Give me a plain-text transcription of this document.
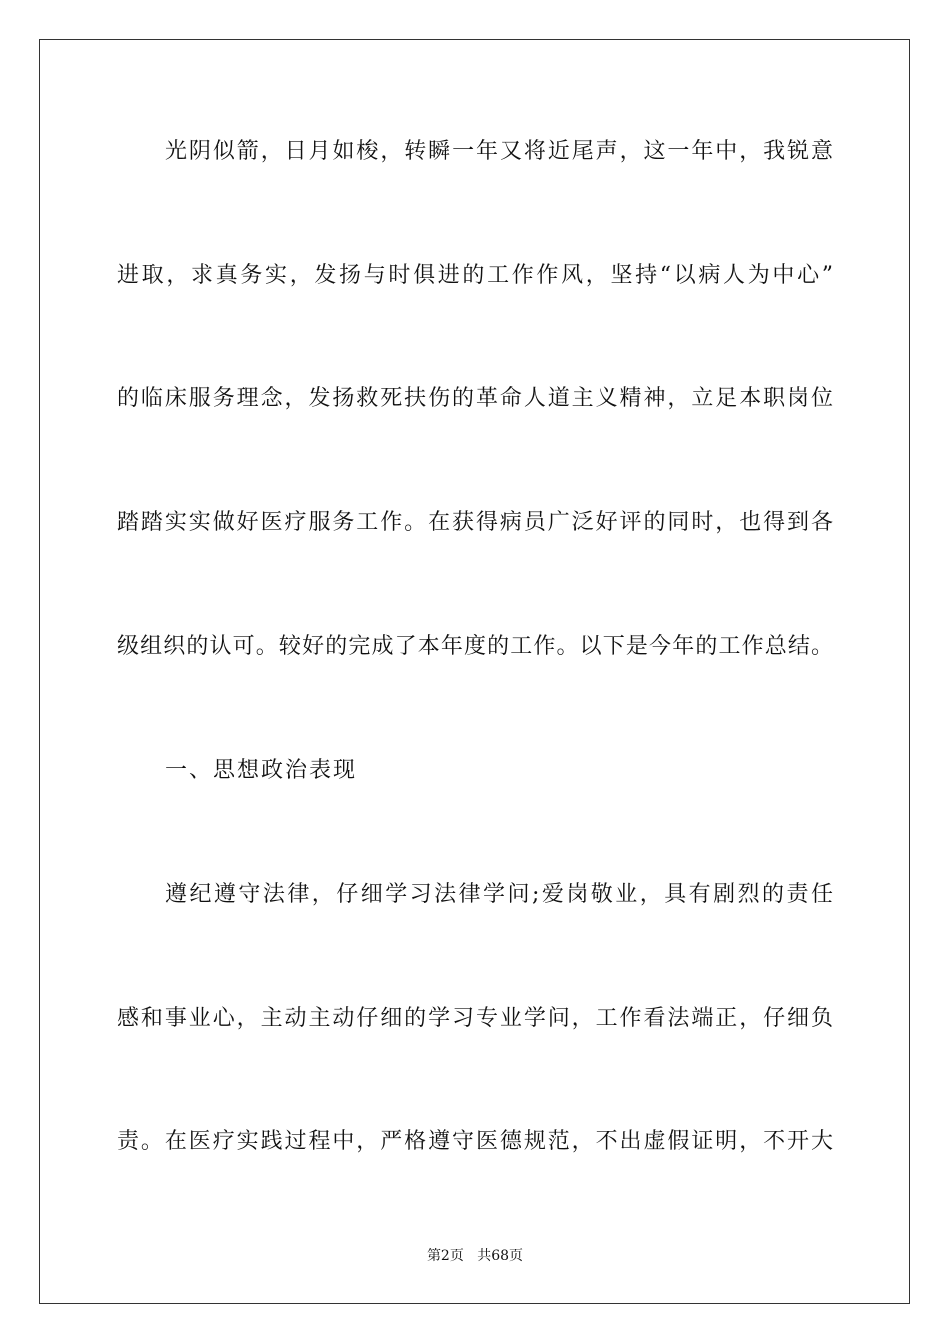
光阴似箭，日月如梭，转瞬一年又将近尾声，这一年中，我锐意
进取，求真务实，发扬与时俱进的工作作风，坚持“以病人为中心”
的临床服务理念，发扬救死扶伤的革命人道主义精神，立足本职岗位
踏踏实实做好医疗服务工作。在获得病员广泛好评的同时，也得到各
级组织的认可。较好的完成了本年度的工作。以下是今年的工作总结。
一、思想政治表现
遵纪遵守法律，仔细学习法律学问;爱岗敬业，具有剧烈的责任
感和事业心，主动主动仔细的学习专业学问，工作看法端正，仔细负
责。在医疗实践过程中，严格遵守医德规范，不出虚假证明，不开大
第2页 共68页
